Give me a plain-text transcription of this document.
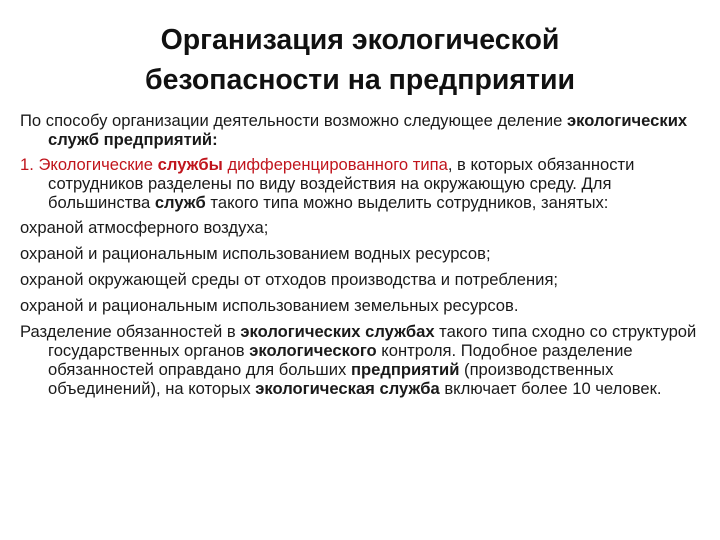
Организация экологической
безопасности на предприятии

По способу организации деятельности возможно следующее деление экологических служб предприятий:

1. Экологические службы дифференцированного типа, в которых обязанности сотрудников разделены по виду воздействия на окружающую среду. Для большинства служб такого типа можно выделить сотрудников, занятых:

охраной атмосферного воздуха;

охраной и рациональным использованием водных ресурсов;

охраной окружающей среды от отходов производства и потребления;

охраной и рациональным использованием земельных ресурсов.

Разделение обязанностей в экологических службах такого типа сходно со структурой государственных органов экологического контроля. Подобное разделение обязанностей оправдано для больших предприятий (производственных объединений), на которых экологическая служба включает более 10 человек.
